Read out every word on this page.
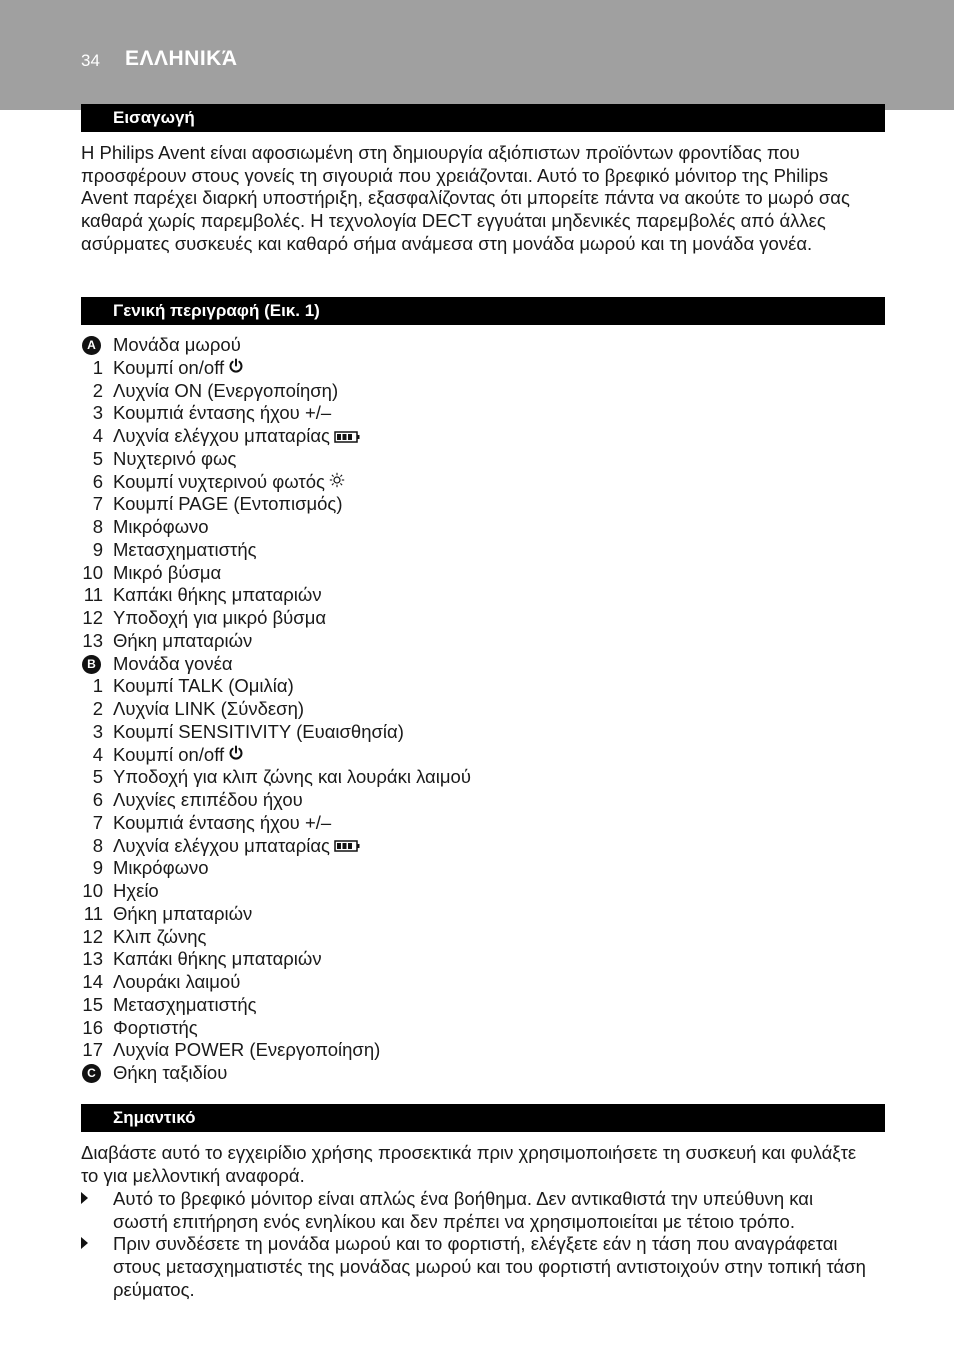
34 ΕΛΛΗΝΙΚΆ
Εισαγωγή
Η Philips Avent είναι αφοσιωμένη στη δημιουργία αξιόπιστων προϊόντων φροντίδας που προσφέρουν στους γονείς τη σιγουριά που χρειάζονται. Αυτό το βρεφικό μόνιτορ της Philips Avent παρέχει διαρκή υποστήριξη, εξασφαλίζοντας ότι μπορείτε πάντα να ακούτε το μωρό σας καθαρά χωρίς παρεμβολές. Η τεχνολογία DECT εγγυάται μηδενικές παρεμβολές από άλλες ασύρματες συσκευές και καθαρό σήμα ανάμεσα στη μονάδα μωρού και τη μονάδα γονέα.
Γενική περιγραφή (Εικ. 1)
A Μονάδα μωρού
1 Κουμπί on/off
2 Λυχνία ON (Ενεργοποίηση)
3 Κουμπιά έντασης ήχου +/–
4 Λυχνία ελέγχου μπαταρίας
5 Νυχτερινό φως
6 Κουμπί νυχτερινού φωτός
7 Κουμπί PAGE (Εντοπισμός)
8 Μικρόφωνο
9 Μετασχηματιστής
10 Μικρό βύσμα
11 Καπάκι θήκης μπαταριών
12 Υποδοχή για μικρό βύσμα
13 Θήκη μπαταριών
B Μονάδα γονέα
1 Κουμπί TALK (Ομιλία)
2 Λυχνία LINK (Σύνδεση)
3 Κουμπί SENSITIVITY (Ευαισθησία)
4 Κουμπί on/off
5 Υποδοχή για κλιπ ζώνης και λουράκι λαιμού
6 Λυχνίες επιπέδου ήχου
7 Κουμπιά έντασης ήχου +/–
8 Λυχνία ελέγχου μπαταρίας
9 Μικρόφωνο
10 Ηχείο
11 Θήκη μπαταριών
12 Κλιπ ζώνης
13 Καπάκι θήκης μπαταριών
14 Λουράκι λαιμού
15 Μετασχηματιστής
16 Φορτιστής
17 Λυχνία POWER (Ενεργοποίηση)
C Θήκη ταξιδίου
Σημαντικό
Διαβάστε αυτό το εγχειρίδιο χρήσης προσεκτικά πριν χρησιμοποιήσετε τη συσκευή και φυλάξτε το για μελλοντική αναφορά.
Αυτό το βρεφικό μόνιτορ είναι απλώς ένα βοήθημα. Δεν αντικαθιστά την υπεύθυνη και σωστή επιτήρηση ενός ενηλίκου και δεν πρέπει να χρησιμοποιείται με τέτοιο τρόπο.
Πριν συνδέσετε τη μονάδα μωρού και το φορτιστή, ελέγξετε εάν η τάση που αναγράφεται στους μετασχηματιστές της μονάδας μωρού και του φορτιστή αντιστοιχούν στην τοπική τάση ρεύματος.
